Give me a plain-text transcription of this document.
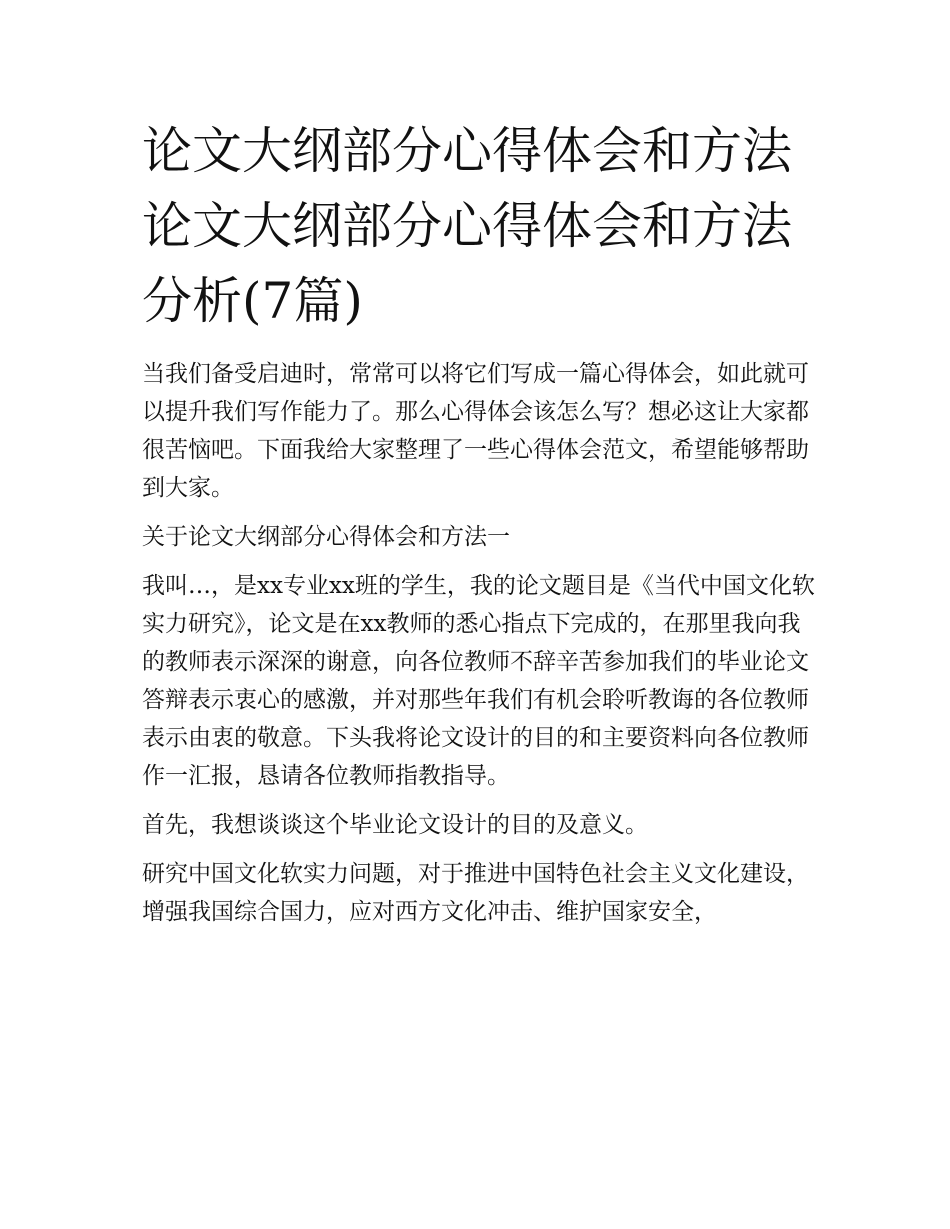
论文大纲部分心得体会和方法论文大纲部分心得体会和方法分析(7篇)

当我们备受启迪时，常常可以将它们写成一篇心得体会，如此就可以提升我们写作能力了。那么心得体会该怎么写？想必这让大家都很苦恼吧。下面我给大家整理了一些心得体会范文，希望能够帮助到大家。

关于论文大纲部分心得体会和方法一

我叫…，是xx专业xx班的学生，我的论文题目是《当代中国文化软实力研究》，论文是在xx教师的悉心指点下完成的，在那里我向我的教师表示深深的谢意，向各位教师不辞辛苦参加我们的毕业论文答辩表示衷心的感激，并对那些年我们有机会聆听教诲的各位教师表示由衷的敬意。下头我将论文设计的目的和主要资料向各位教师作一汇报，恳请各位教师指教指导。

首先，我想谈谈这个毕业论文设计的目的及意义。

研究中国文化软实力问题，对于推进中国特色社会主义文化建设，增强我国综合国力，应对西方文化冲击、维护国家安全，
